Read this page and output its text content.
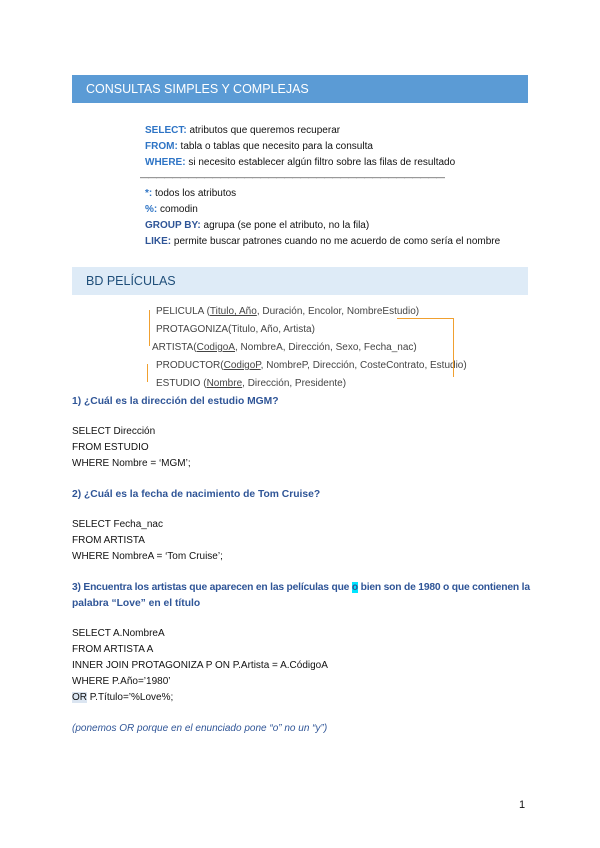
CONSULTAS SIMPLES Y COMPLEJAS
SELECT: atributos que queremos recuperar
FROM: tabla o tablas que necesito para la consulta
WHERE: si necesito establecer algún filtro sobre las filas de resultado
——————————————————————————————————————
*: todos los atributos
%: comodin
GROUP BY: agrupa (se pone el atributo, no la fila)
LIKE: permite buscar patrones cuando no me acuerdo de como sería el nombre
BD PELÍCULAS
PELICULA (Titulo, Año, Duración, Encolor, NombreEstudio)
PROTAGONIZA(Titulo, Año, Artista)
ARTISTA(CodigoA, NombreA, Dirección, Sexo, Fecha_nac)
PRODUCTOR(CodigoP, NombreP, Dirección, CosteContrato, Estudio)
ESTUDIO (Nombre, Dirección, Presidente)
1) ¿Cuál es la dirección del estudio MGM?
SELECT Dirección
FROM ESTUDIO
WHERE Nombre = ‘MGM’;
2) ¿Cuál es la fecha de nacimiento de Tom Cruise?
SELECT Fecha_nac
FROM ARTISTA
WHERE NombreA = ‘Tom Cruise’;
3) Encuentra los artistas que aparecen en las películas que o bien son de 1980 o que contienen la
palabra “Love” en el título
SELECT A.NombreA
FROM ARTISTA A
INNER JOIN PROTAGONIZA P ON P.Artista = A.CódigoA
WHERE P.Año=’1980’
OR P.Título=’%Love%;
(ponemos OR porque en el enunciado pone “o” no un “y”)
1
